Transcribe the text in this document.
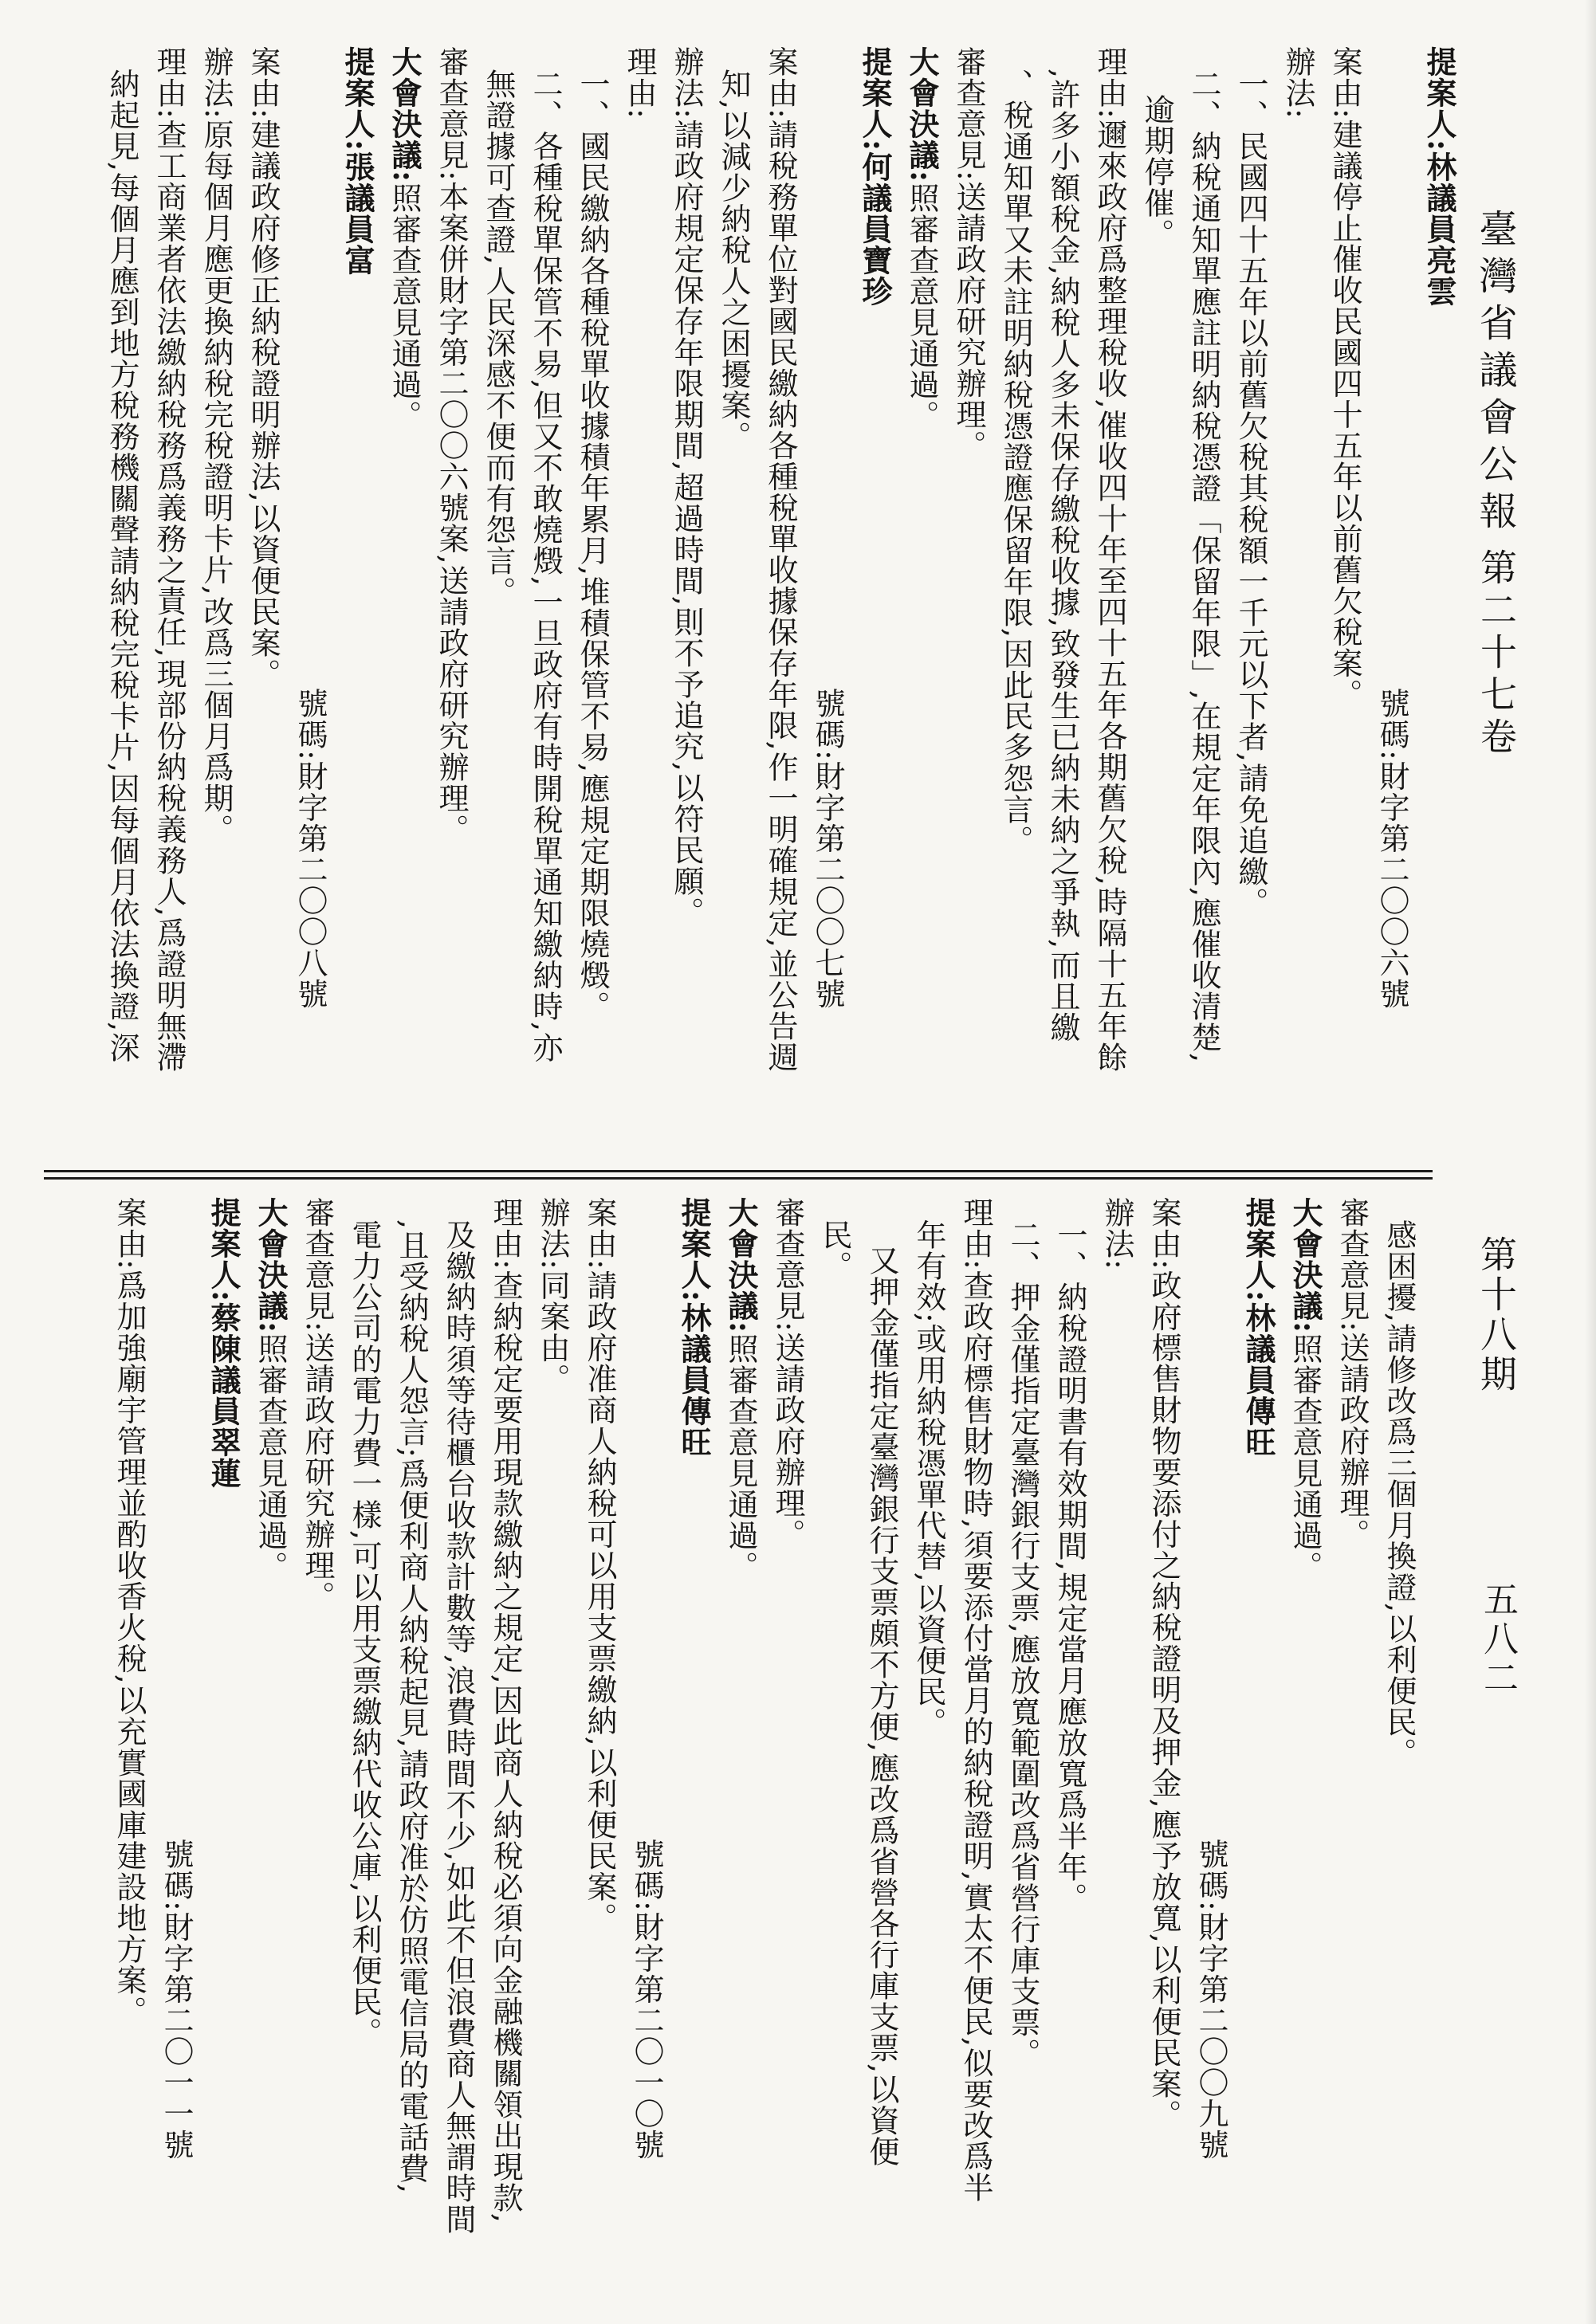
提案人:林議員亮雲
號碼:財字第二〇〇六號
案由:建議停止催收民國四十五年以前舊欠稅案。
辦法:
一、民國四十五年以前舊欠稅其稅額一千元以下者,請免追繳。
二、納稅通知單應註明納稅憑證「保留年限」,在規定年限內,應催收清楚,
逾期停催。
理由:邇來政府爲整理稅收,催收四十年至四十五年各期舊欠稅,時隔十五年餘
,許多小額稅金,納稅人多未保存繳稅收據,致發生已納未納之爭執,而且繳
、稅通知單又未註明納稅憑證應保留年限,因此民多怨言。
審查意見:送請政府研究辦理。
大會決議:照審查意見通過。
提案人:何議員寶珍
號碼:財字第二〇〇七號
案由:請稅務單位對國民繳納各種稅單收據保存年限,作一明確規定,並公告週
知,以減少納稅人之困擾案。
辦法:請政府規定保存年限期間,超過時間,則不予追究,以符民願。
理由:
一、國民繳納各種稅單收據積年累月,堆積保管不易,應規定期限燒燬。
二、各種稅單保管不易,但又不敢燒燬,一旦政府有時開稅單通知繳納時,亦
無證據可查證,人民深感不便而有怨言。
審查意見:本案併財字第二〇〇六號案,送請政府研究辦理。
大會決議:照審查意見通過。
提案人:張議員富
號碼:財字第二〇〇八號
案由:建議政府修正納稅證明辦法,以資便民案。
辦法:原每個月應更換納稅完稅證明卡片,改爲三個月爲期。
理由:查工商業者依法繳納稅務爲義務之責任,現部份納稅義務人,爲證明無滯
納起見,每個月應到地方稅務機關聲請納稅完稅卡片,因每個月依法換證,深
感困擾,請修改爲三個月換證,以利便民。
審查意見:送請政府辦理。
大會決議:照審查意見通過。
提案人:林議員傳旺
號碼:財字第二〇〇九號
案由:政府標售財物要添付之納稅證明及押金,應予放寬,以利便民案。
辦法:
一、納稅證明書有效期間,規定當月應放寬爲半年。
二、押金僅指定臺灣銀行支票,應放寬範圍改爲省營行庫支票。
理由:查政府標售財物時,須要添付當月的納稅證明,實太不便民,似要改爲半
年有效;或用納稅憑單代替,以資便民。
又押金僅指定臺灣銀行支票頗不方便,應改爲省營各行庫支票,以資便
民。
審查意見:送請政府辦理。
大會決議:照審查意見通過。
提案人:林議員傳旺
號碼:財字第二〇一〇號
案由:請政府准商人納稅可以用支票繳納,以利便民案。
辦法:同案由。
理由:查納稅定要用現款繳納之規定,因此商人納稅必須向金融機關領出現款,
及繳納時須等待櫃台收款計數等,浪費時間不少,如此不但浪費商人無謂時間
,且受納稅人怨言;爲便利商人納稅起見,請政府准於仿照電信局的電話費,
電力公司的電力費一樣,可以用支票繳納代收公庫,以利便民。
審查意見:送請政府研究辦理。
大會決議:照審查意見通過。
提案人:蔡陳議員翠蓮
號碼:財字第二〇一一號
案由:爲加強廟宇管理並酌收香火稅,以充實國庫建設地方案。
臺灣省議會公報
第二十七卷
第十八期
五八二
